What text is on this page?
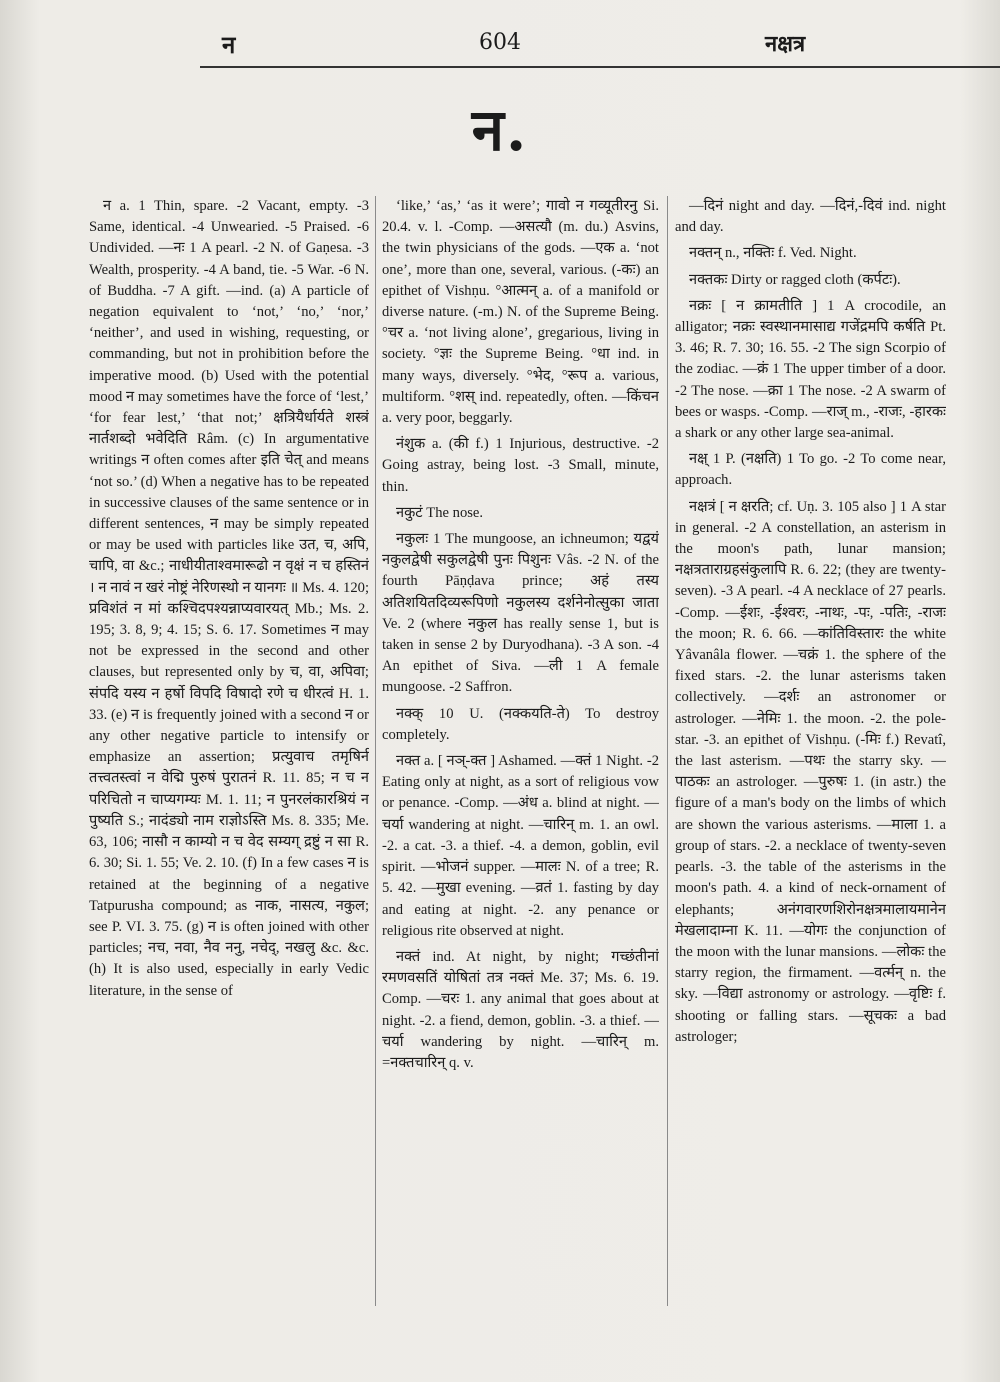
न	604	नक्षत्र
न.

न a. 1 Thin, spare. -2 Vacant, empty. -3 Same, identical. -4 Unwearied. -5 Praised. -6 Undivided. —नः 1 A pearl. -2 N. of Gaṇesa. -3 Wealth, prosperity. -4 A band, tie. -5 War. -6 N. of Buddha. -7 A gift. —ind. (a) A particle of negation equivalent to ‘not,’ ‘no,’ ‘nor,’ ‘neither’, and used in wishing, requesting, or commanding, but not in prohibition before the imperative mood. (b) Used with the potential mood न may sometimes have the force of ‘lest,’ ‘for fear lest,’ ‘that not;’ क्षत्रियैर्धार्यते शस्त्रं नार्तशब्दो भवेदिति Râm. (c) In argumentative writings न often comes after इति चेत् and means ‘not so.’ (d) When a negative has to be repeated in successive clauses of the same sentence or in different sentences, न may be simply repeated or may be used with particles like उत, च, अपि, चापि, वा &c.; नाधीयीताश्वमारूढो न वृक्षं न च हस्तिनं । न नावं न खरं नोष्ट्रं नेरिणस्थो न यानगः ॥ Ms. 4. 120; प्रविशंतं न मां कश्चिदपश्यन्नाप्यवारयत् Mb.; Ms. 2. 195; 3. 8, 9; 4. 15; S. 6. 17. Sometimes न may not be expressed in the second and other clauses, but represented only by च, वा, अपिवा; संपदि यस्य न हर्षो विपदि विषादो रणे च धीरत्वं H. 1. 33. (e) न is frequently joined with a second न or any other negative particle to intensify or emphasize an assertion; प्रत्युवाच तमृषिर्न तत्त्वतस्त्वां न वेद्मि पुरुषं पुरातनं R. 11. 85; न च न परिचितो न चाप्यगम्यः M. 1. 11; न पुनरलंकारश्रियं न पुष्यति S.; नादंड्यो नाम राज्ञोऽस्ति Ms. 8. 335; Me. 63, 106; नासौ न काम्यो न च वेद सम्यग् द्रष्टुं न सा R. 6. 30; Si. 1. 55; Ve. 2. 10. (f) In a few cases न is retained at the beginning of a negative Tatpurusha compound; as नाक, नासत्य, नकुल; see P. VI. 3. 75. (g) न is often joined with other particles; नच, नवा, नैव ननु, नचेद्, नखलु &c. &c. (h) It is also used, especially in early Vedic literature, in the sense of

‘like,’ ‘as,’ ‘as it were’; गावो न गव्यूतीरनु Si. 20.4. v. l. -Comp. —असत्यौ (m. du.) Asvins, the twin physicians of the gods. —एक a. ‘not one’, more than one, several, various. (-कः) an epithet of Vishṇu. °आत्मन् a. of a manifold or diverse nature. (-m.) N. of the Supreme Being. °चर a. ‘not living alone’, gregarious, living in society. °ज्ञः the Supreme Being. °धा ind. in many ways, diversely. °भेद, °रूप a. various, multiform. °शस् ind. repeatedly, often. —किंचन a. very poor, beggarly.

नंशुक a. (की f.) 1 Injurious, destructive. -2 Going astray, being lost. -3 Small, minute, thin.

नकुटं The nose.

नकुलः 1 The mungoose, an ichneumon; यद्वयं नकुलद्वेषी सकुलद्वेषी पुनः पिशुनः Vâs. -2 N. of the fourth Pāṇḍava prince; अहं तस्य अतिशयितदिव्यरूपिणो नकुलस्य दर्शनेनोत्सुका जाता Ve. 2 (where नकुल has really sense 1, but is taken in sense 2 by Duryodhana). -3 A son. -4 An epithet of Siva. —ली 1 A female mungoose. -2 Saffron.

नक्क् 10 U. (नक्कयति-ते) To destroy completely.

नक्त a. [ नञ्-क्त ] Ashamed. —क्तं 1 Night. -2 Eating only at night, as a sort of religious vow or penance. -Comp. —अंध a. blind at night. —चर्या wandering at night. —चारिन् m. 1. an owl. -2. a cat. -3. a thief. -4. a demon, goblin, evil spirit. —भोजनं supper. —मालः N. of a tree; R. 5. 42. —मुखा evening. —व्रतं 1. fasting by day and eating at night. -2. any penance or religious rite observed at night.

नक्तं ind. At night, by night; गच्छंतीनां रमणवसतिं योषितां तत्र नक्तं Me. 37; Ms. 6. 19. Comp. —चरः 1. any animal that goes about at night. -2. a fiend, demon, goblin. -3. a thief. —चर्या wandering by night. —चारिन् m. =नक्तचारिन् q. v.

—दिनं night and day. —दिनं,-दिवं ind. night and day.

नक्तन् n., नक्तिः f. Ved. Night.

नक्तकः Dirty or ragged cloth (कर्पटः).

नक्रः [ न क्रामतीति ] 1 A crocodile, an alligator; नक्रः स्वस्थानमासाद्य गजेंद्रमपि कर्षति Pt. 3. 46; R. 7. 30; 16. 55. -2 The sign Scorpio of the zodiac. —क्रं 1 The upper timber of a door. -2 The nose. —क्रा 1 The nose. -2 A swarm of bees or wasps. -Comp. —राज् m., -राजः, -हारकः a shark or any other large sea-animal.

नक्ष् 1 P. (नक्षति) 1 To go. -2 To come near, approach.

नक्षत्रं [ न क्षरति; cf. Uṇ. 3. 105 also ] 1 A star in general. -2 A constellation, an asterism in the moon's path, lunar mansion; नक्षत्रताराग्रहसंकुलापि R. 6. 22; (they are twenty-seven). -3 A pearl. -4 A necklace of 27 pearls. -Comp. —ईशः, -ईश्वरः, -नाथः, -पः, -पतिः, -राजः the moon; R. 6. 66. —कांतिविस्तारः the white Yâvanâla flower. —चक्रं 1. the sphere of the fixed stars. -2. the lunar asterisms taken collectively. —दर्शः an astronomer or astrologer. —नेमिः 1. the moon. -2. the pole-star. -3. an epithet of Vishṇu. (-मिः f.) Revatî, the last asterism. —पथः the starry sky. —पाठकः an astrologer. —पुरुषः 1. (in astr.) the figure of a man's body on the limbs of which are shown the various asterisms. —माला 1. a group of stars. -2. a necklace of twenty-seven pearls. -3. the table of the asterisms in the moon's path. 4. a kind of neck-ornament of elephants; अनंगवारणशिरोनक्षत्रमालायमानेन मेखलादाम्ना K. 11. —योगः the conjunction of the moon with the lunar mansions. —लोकः the starry region, the firmament. —वर्त्मन् n. the sky. —विद्या astronomy or astrology. —वृष्टिः f. shooting or falling stars. —सूचकः a bad astrologer;
